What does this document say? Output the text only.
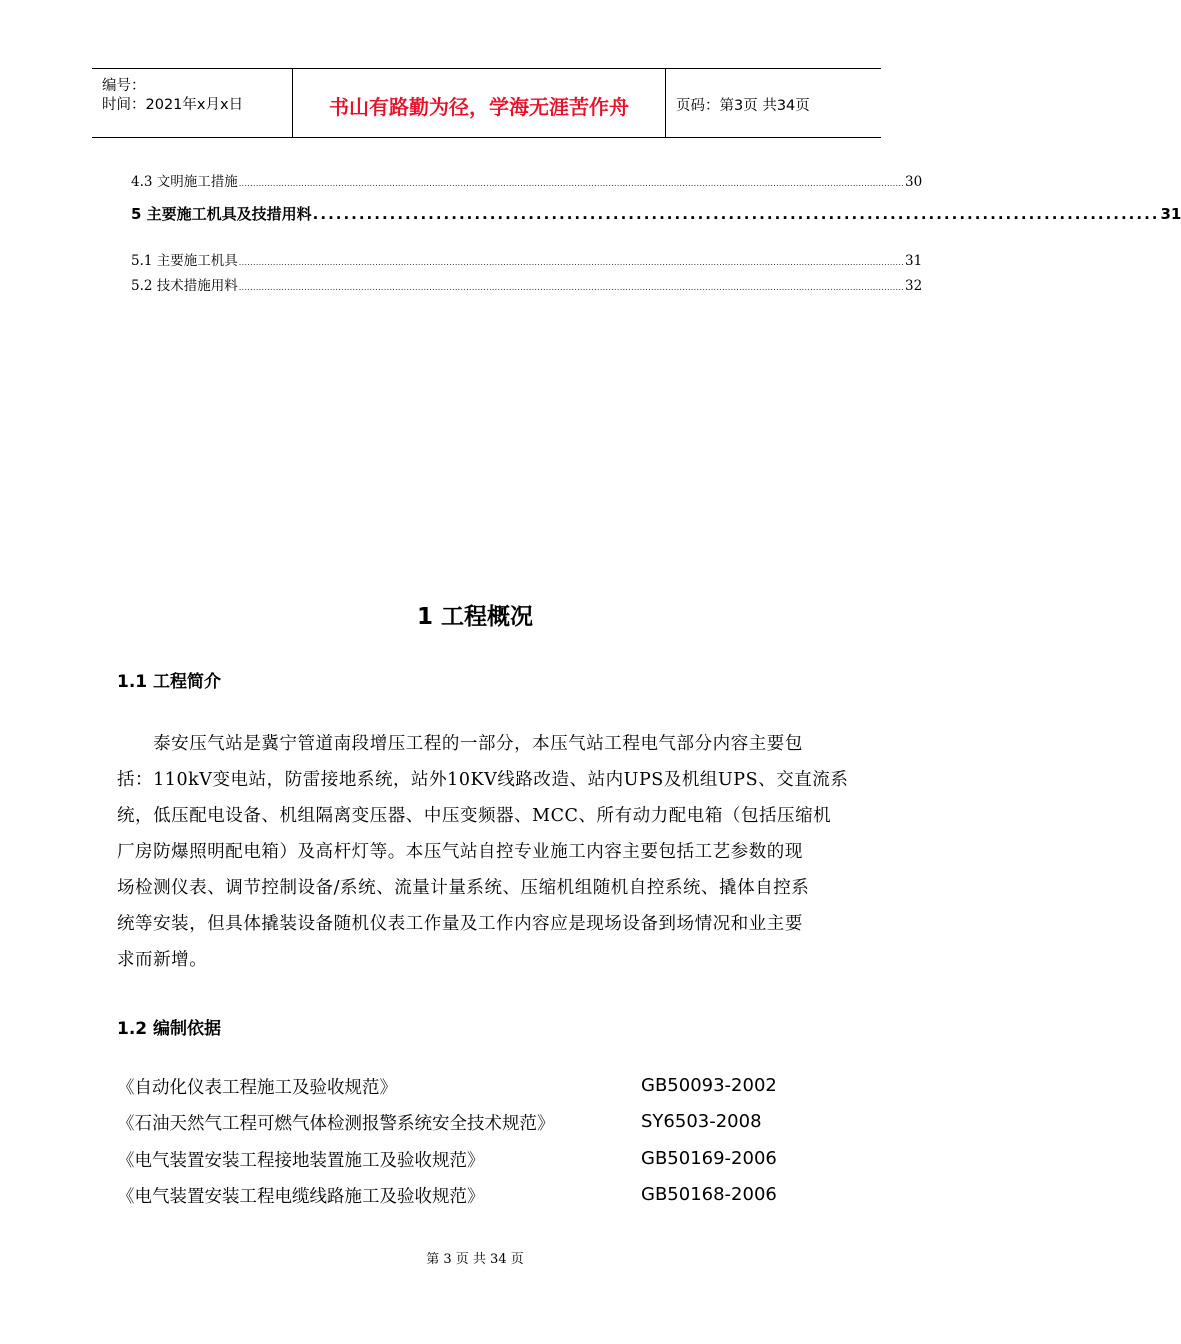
编号：
时间：2021年x月x日	书山有路勤为径，学海无涯苦作舟	页码：第3页 共34页
4.3 文明施工措施 .......................................................................................................................................................................................................................................... 30
5 主要施工机具及技措用料 .............................................................................................................. 31
5.1 主要施工机具 .......................................................................................................................................................................................................................................... 31
5.2 技术措施用料 .......................................................................................................................................................................................................................................... 32
1 工程概况
1.1 工程简介
　　泰安压气站是冀宁管道南段增压工程的一部分，本压气站工程电气部分内容主要包
括：110kV变电站，防雷接地系统，站外10KV线路改造、站内UPS及机组UPS、交直流系
统，低压配电设备、机组隔离变压器、中压变频器、MCC、所有动力配电箱（包括压缩机
厂房防爆照明配电箱）及高杆灯等。本压气站自控专业施工内容主要包括工艺参数的现
场检测仪表、调节控制设备/系统、流量计量系统、压缩机组随机自控系统、撬体自控系
统等安装，但具体撬装设备随机仪表工作量及工作内容应是现场设备到场情况和业主要
求而新增。
1.2 编制依据
《自动化仪表工程施工及验收规范》	GB50093-2002
《石油天然气工程可燃气体检测报警系统安全技术规范》	SY6503-2008
《电气装置安装工程接地装置施工及验收规范》	GB50169-2006
《电气装置安装工程电缆线路施工及验收规范》	GB50168-2006
第 3 页 共 34 页
